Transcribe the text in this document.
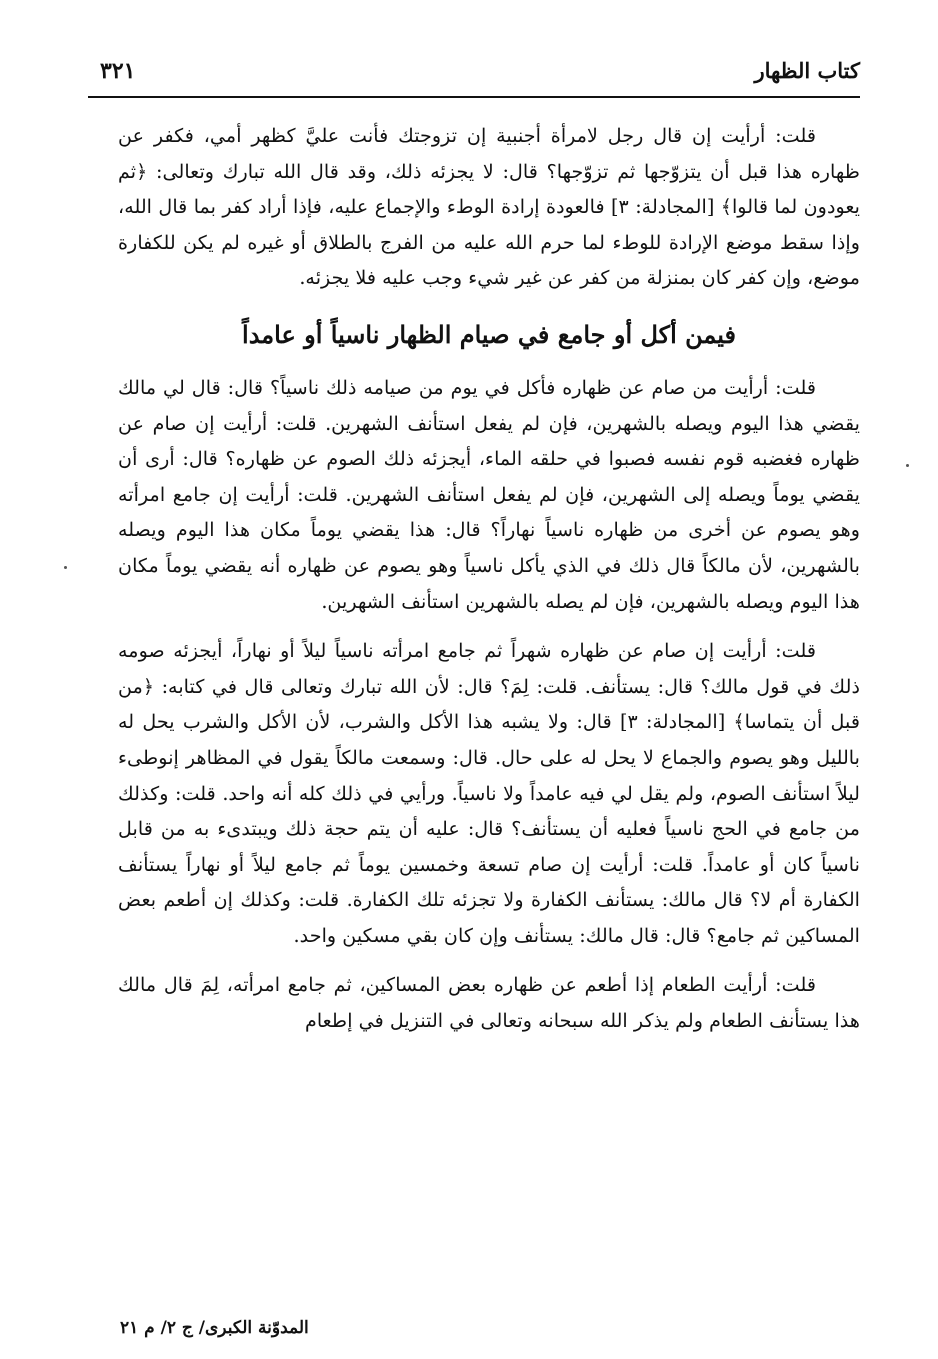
كتاب الظهار
٣٢١

قلت: أرأيت إن قال رجل لامرأة أجنبية إن تزوجتك فأنت عليَّ كظهر أمي، فكفر عن ظهاره هذا قبل أن يتزوّجها ثم تزوّجها؟ قال: لا يجزئه ذلك، وقد قال الله تبارك وتعالى: ﴿ثم يعودون لما قالوا﴾ [المجادلة: ٣] فالعودة إرادة الوطء والإجماع عليه، فإذا أراد كفر بما قال الله، وإذا سقط موضع الإرادة للوطء لما حرم الله عليه من الفرج بالطلاق أو غيره لم يكن للكفارة موضع، وإن كفر كان بمنزلة من كفر عن غير شيء وجب عليه فلا يجزئه.

فيمن أكل أو جامع في صيام الظهار ناسياً أو عامداً

قلت: أرأيت من صام عن ظهاره فأكل في يوم من صيامه ذلك ناسياً؟ قال: قال لي مالك يقضي هذا اليوم ويصله بالشهرين، فإن لم يفعل استأنف الشهرين. قلت: أرأيت إن صام عن ظهاره فغضبه قوم نفسه فصبوا في حلقه الماء، أيجزئه ذلك الصوم عن ظهاره؟ قال: أرى أن يقضي يوماً ويصله إلى الشهرين، فإن لم يفعل استأنف الشهرين. قلت: أرأيت إن جامع امرأته وهو يصوم عن أخرى من ظهاره ناسياً نهاراً؟ قال: هذا يقضي يوماً مكان هذا اليوم ويصله بالشهرين، لأن مالكاً قال ذلك في الذي يأكل ناسياً وهو يصوم عن ظهاره أنه يقضي يوماً مكان هذا اليوم ويصله بالشهرين، فإن لم يصله بالشهرين استأنف الشهرين.

قلت: أرأيت إن صام عن ظهاره شهراً ثم جامع امرأته ناسياً ليلاً أو نهاراً، أيجزئه صومه ذلك في قول مالك؟ قال: يستأنف. قلت: لِمَ؟ قال: لأن الله تبارك وتعالى قال في كتابه: ﴿من قبل أن يتماسا﴾ [المجادلة: ٣] قال: ولا يشبه هذا الأكل والشرب، لأن الأكل والشرب يحل له بالليل وهو يصوم والجماع لا يحل له على حال. قال: وسمعت مالكاً يقول في المظاهر إنوطىء ليلاً استأنف الصوم، ولم يقل لي فيه عامداً ولا ناسياً. ورأيي في ذلك كله أنه واحد. قلت: وكذلك من جامع في الحج ناسياً فعليه أن يستأنف؟ قال: عليه أن يتم حجة ذلك ويبتدىء به من قابل ناسياً كان أو عامداً. قلت: أرأيت إن صام تسعة وخمسين يوماً ثم جامع ليلاً أو نهاراً يستأنف الكفارة أم لا؟ قال مالك: يستأنف الكفارة ولا تجزئه تلك الكفارة. قلت: وكذلك إن أطعم بعض المساكين ثم جامع؟ قال: قال مالك: يستأنف وإن كان بقي مسكين واحد.

قلت: أرأيت الطعام إذا أطعم عن ظهاره بعض المساكين، ثم جامع امرأته، لِمَ قال مالك هذا يستأنف الطعام ولم يذكر الله سبحانه وتعالى في التنزيل في إطعام

المدوّنة الكبرى/ ج ٢/ م ٢١
